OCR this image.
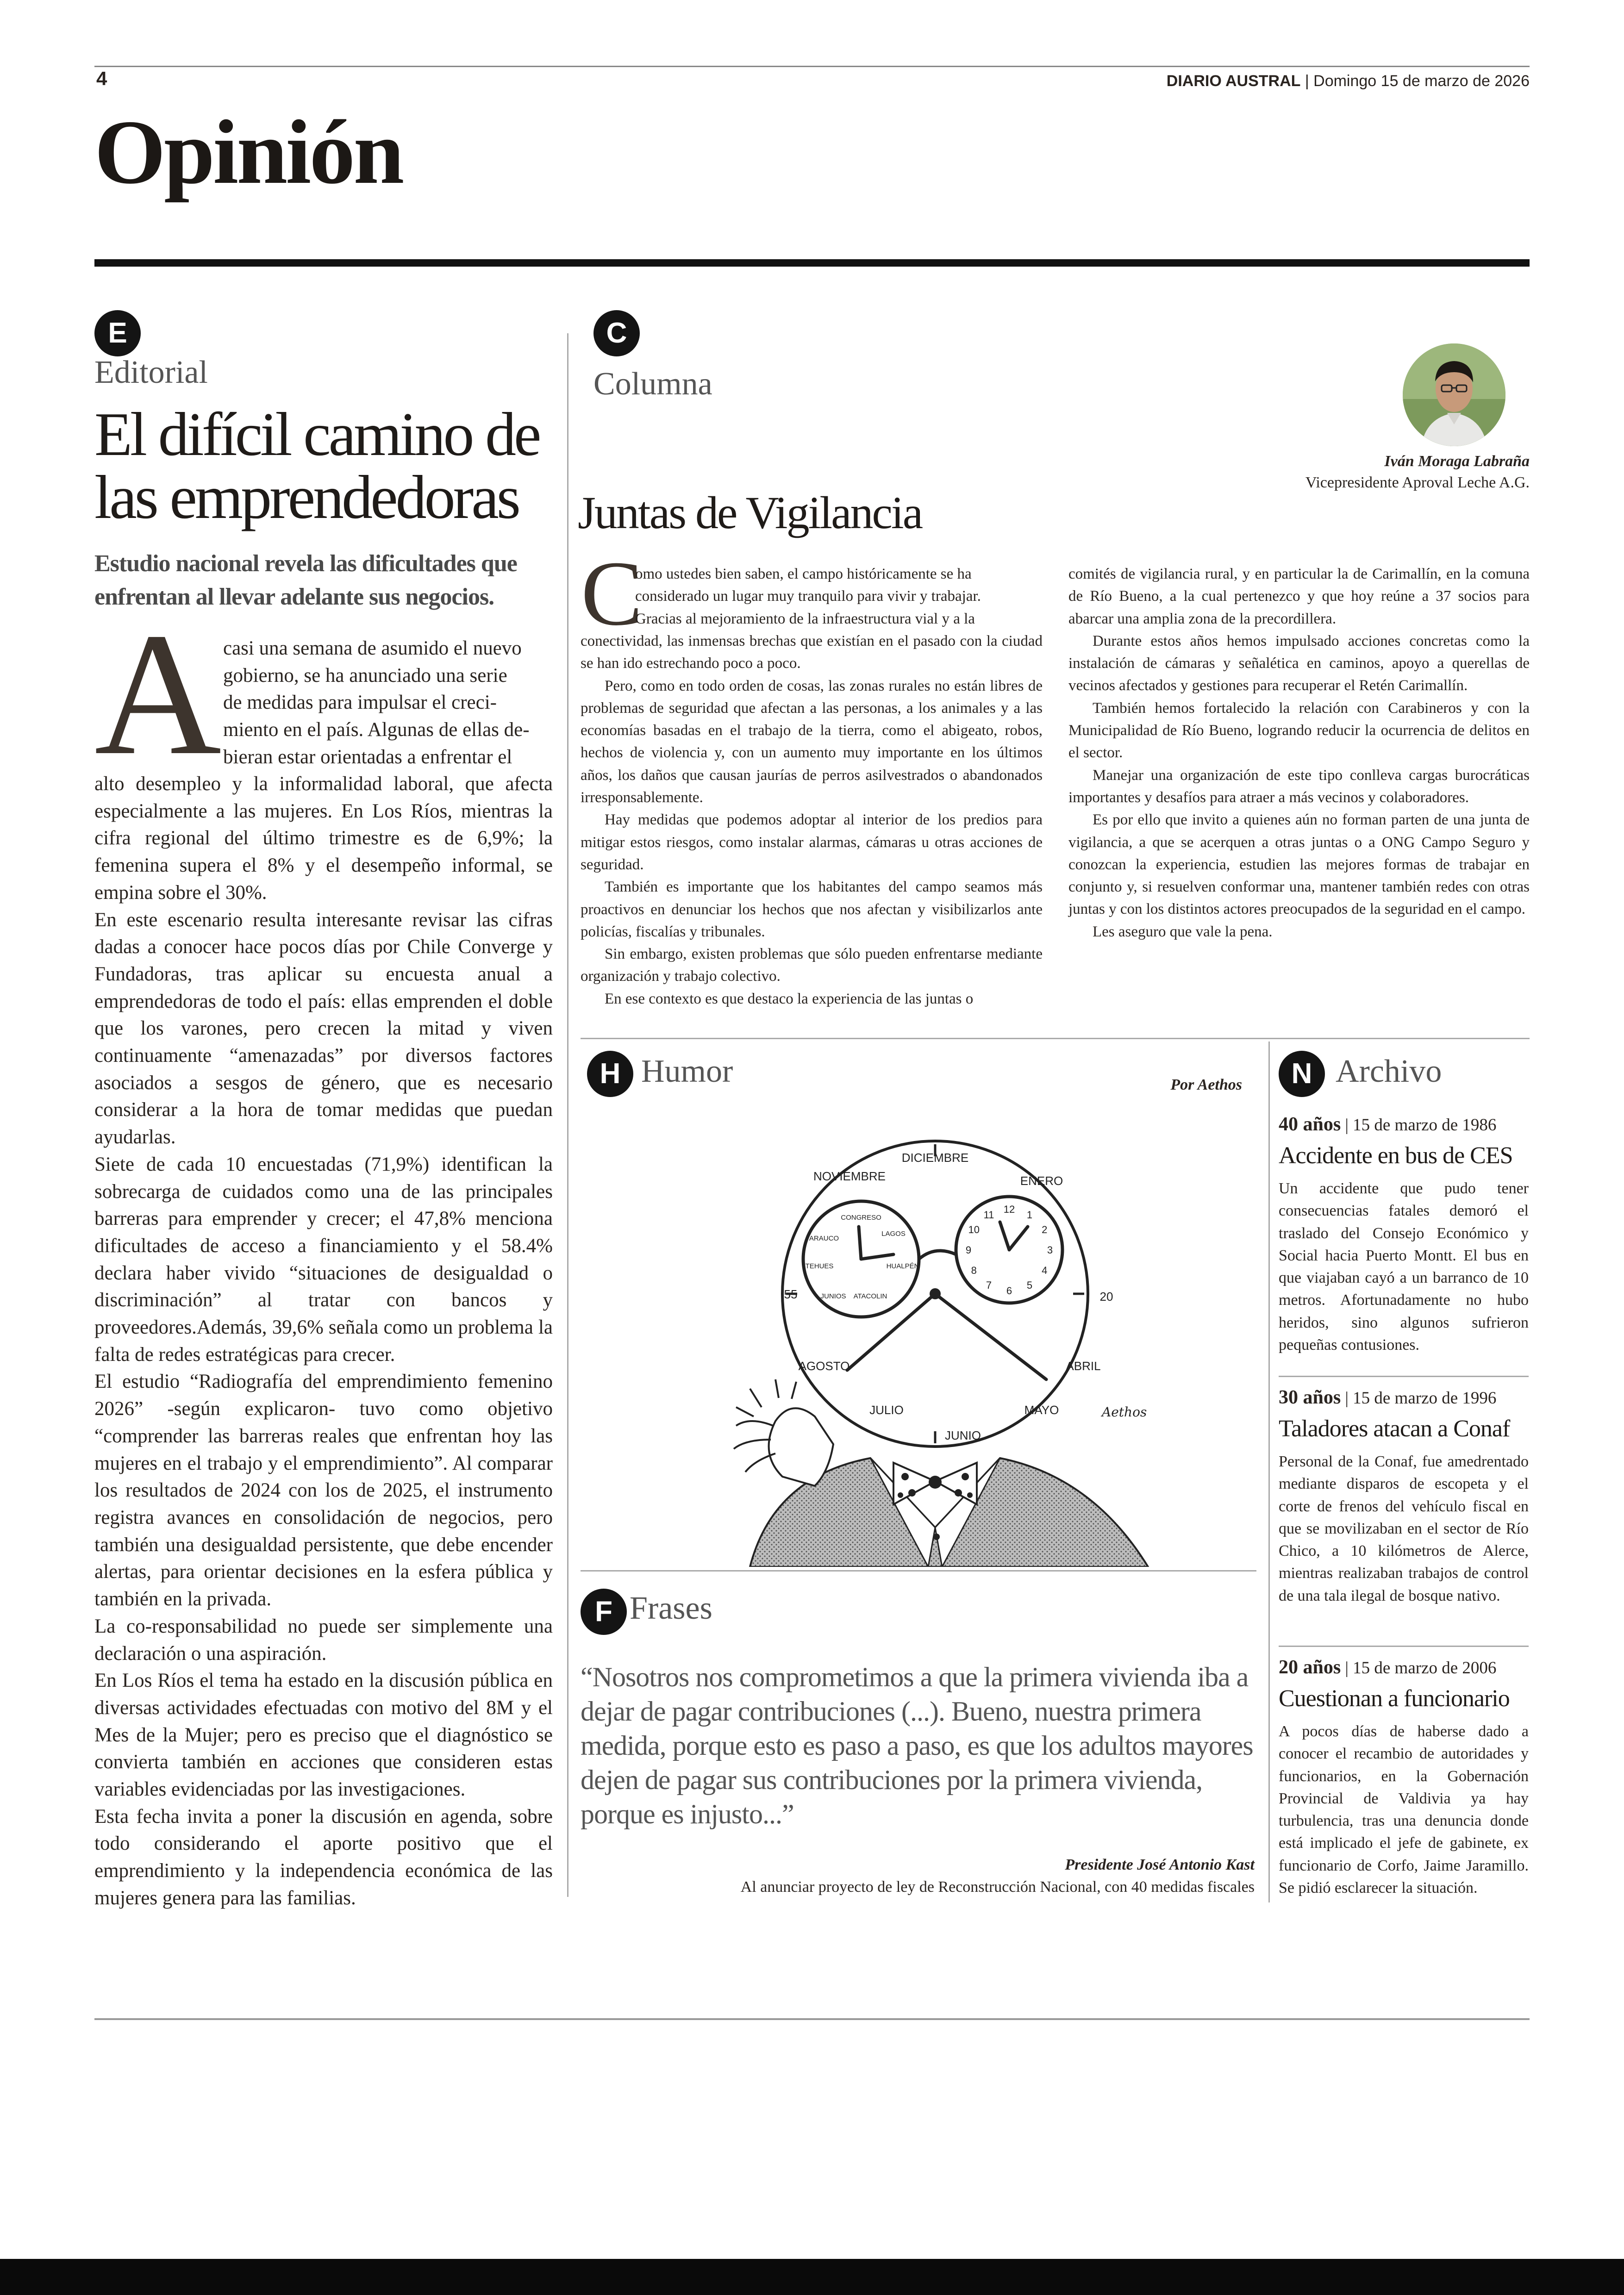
4	DIARIO AUSTRAL | Domingo 15 de marzo de 2026
Opinión
E
Editorial
El difícil camino de
las emprendedoras
Estudio nacional revela las dificultades que
enfrentan al llevar adelante sus negocios.
A casi una semana de asumido el nuevo
gobierno, se ha anunciado una serie
de medidas para impulsar el creci-
miento en el país. Algunas de ellas de-
bieran estar orientadas a enfrentar el

alto desempleo y la informalidad laboral, que afecta especialmente a las mujeres. En Los Ríos, mientras la cifra regional del último trimestre es de 6,9%; la femenina supera el 8% y el desempeño informal, se empina sobre el 30%.

En este escenario resulta interesante revisar las cifras dadas a conocer hace pocos días por Chile Converge y Fundadoras, tras aplicar su encuesta anual a emprendedoras de todo el país: ellas emprenden el doble que los varones, pero crecen la mitad y viven continuamente “amenazadas” por diversos factores asociados a sesgos de género, que es necesario considerar a la hora de tomar medidas que puedan ayudarlas.

Siete de cada 10 encuestadas (71,9%) identifican la sobrecarga de cuidados como una de las principales barreras para emprender y crecer; el 47,8% menciona dificultades de acceso a financiamiento y el 58.4% declara haber vivido “situaciones de desigualdad o discriminación” al tratar con bancos y proveedores.Además, 39,6% señala como un problema la falta de redes estratégicas para crecer.

El estudio “Radiografía del emprendimiento femenino 2026” -según explicaron- tuvo como objetivo “comprender las barreras reales que enfrentan hoy las mujeres en el trabajo y el emprendimiento”. Al comparar los resultados de 2024 con los de 2025, el instrumento registra avances en consolidación de negocios, pero también una desigualdad persistente, que debe encender alertas, para orientar decisiones en la esfera pública y también en la privada.

La co-responsabilidad no puede ser simplemente una declaración o una aspiración.

En Los Ríos el tema ha estado en la discusión pública en diversas actividades efectuadas con motivo del 8M y el Mes de la Mujer; pero es preciso que el diagnóstico se convierta también en acciones que consideren estas variables evidenciadas por las investigaciones.

Esta fecha invita a poner la discusión en agenda, sobre todo considerando el aporte positivo que el emprendimiento y la independencia económica de las mujeres genera para las familias.

C
Columna
Iván Moraga Labraña
Vicepresidente Aproval Leche A.G.
Juntas de Vigilancia
C
omo ustedes bien saben, el campo históricamente se ha
considerado un lugar muy tranquilo para vivir y trabajar.
Gracias al mejoramiento de la infraestructura vial y a la

conectividad, las inmensas brechas que existían en el pasado con la ciudad se han ido estrechando poco a poco.

Pero, como en todo orden de cosas, las zonas rurales no están libres de problemas de seguridad que afectan a las personas, a los animales y a las economías basadas en el trabajo de la tierra, como el abigeato, robos, hechos de violencia y, con un aumento muy importante en los últimos años, los daños que causan jaurías de perros asilvestrados o abandonados irresponsablemente.

Hay medidas que podemos adoptar al interior de los predios para mitigar estos riesgos, como instalar alarmas, cámaras u otras acciones de seguridad.

También es importante que los habitantes del campo seamos más proactivos en denunciar los hechos que nos afectan y visibilizarlos ante policías, fiscalías y tribunales.

Sin embargo, existen problemas que sólo pueden enfrentarse mediante organización y trabajo colectivo.

En ese contexto es que destaco la experiencia de las juntas o

comités de vigilancia rural, y en particular la de Carimallín, en la comuna de Río Bueno, a la cual pertenezco y que hoy reúne a 37 socios para abarcar una amplia zona de la precordillera.

Durante estos años hemos impulsado acciones concretas como la instalación de cámaras y señalética en caminos, apoyo a querellas de vecinos afectados y gestiones para recuperar el Retén Carimallín.

También hemos fortalecido la relación con Carabineros y con la Municipalidad de Río Bueno, logrando reducir la ocurrencia de delitos en el sector.

Manejar una organización de este tipo conlleva cargas burocráticas importantes y desafíos para atraer a más vecinos y colaboradores.

Es por ello que invito a quienes aún no forman parten de una junta de vigilancia, a que se acerquen a otras juntas o a ONG Campo Seguro y conozcan la experiencia, estudien las mejores formas de trabajar en conjunto y, si resuelven conformar una, mantener también redes con otras juntas y con los distintos actores preocupados de la seguridad en el campo.

Les aseguro que vale la pena.

H Humor	Por Aethos
DICIEMBRE
NOVIEMBRE	ENERO
AGOSTO	ABRIL
JULIO
JUNIO
MAYO
55	20
CONGRESO
LAGOS
HUALPÉN
TEHUES
ARAUCO
JUNIOS ATACOLIN
12 1
2
3
4
5
6
7
8
9
10
11
Aethos
F Frases
“Nosotros nos comprometimos a que la primera vivienda iba a dejar de pagar contribuciones (...). Bueno, nuestra primera medida, porque esto es paso a paso, es que los adultos mayores dejen de pagar sus contribuciones por la primera vivienda, porque es injusto...”
Presidente José Antonio Kast
Al anunciar proyecto de ley de Reconstrucción Nacional, con 40 medidas fiscales
N Archivo
40 años | 15 de marzo de 1986
Accidente en bus de CES
Un accidente que pudo tener consecuencias fatales demoró el traslado del Consejo Económico y Social hacia Puerto Montt. El bus en que viajaban cayó a un barranco de 10 metros. Afortunadamente no hubo heridos, sino algunos sufrieron pequeñas contusiones.
30 años | 15 de marzo de 1996
Taladores atacan a Conaf
Personal de la Conaf, fue amedrentado mediante disparos de escopeta y el corte de frenos del vehículo fiscal en que se movilizaban en el sector de Río Chico, a 10 kilómetros de Alerce, mientras realizaban trabajos de control de una tala ilegal de bosque nativo.
20 años | 15 de marzo de 2006
Cuestionan a funcionario
A pocos días de haberse dado a conocer el recambio de autoridades y funcionarios, en la Gobernación Provincial de Valdivia ya hay turbulencia, tras una denuncia donde está implicado el jefe de gabinete, ex funcionario de Corfo, Jaime Jaramillo. Se pidió esclarecer la situación.
